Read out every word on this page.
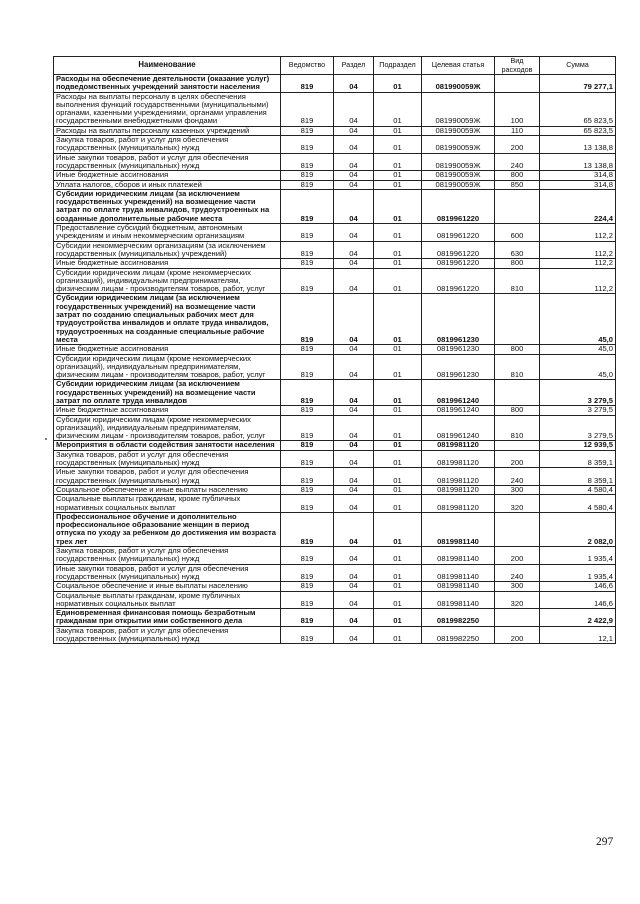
Наименование	Ведомство	Раздел	Подраздел	Целевая статья	Вид расходов	Сумма
Расходы на обеспечение деятельности (оказание услуг) подведомственных учреждений занятости населения	819	04	01	081990059Ж		79 277,1
Расходы на выплаты персоналу в целях обеспечения выполнения функций государственными (муниципальными) органами, казенными учреждениями, органами управления государственными внебюджетными фондами	819	04	01	081990059Ж	100	65 823,5
Расходы на выплаты персоналу казенных учреждений	819	04	01	081990059Ж	110	65 823,5
Закупка товаров, работ и услуг для обеспечения государственных (муниципальных) нужд	819	04	01	081990059Ж	200	13 138,8
Иные закупки товаров, работ и услуг для обеспечения государственных (муниципальных) нужд	819	04	01	081990059Ж	240	13 138,8
Иные бюджетные ассигнования	819	04	01	081990059Ж	800	314,8
Уплата налогов, сборов и иных платежей	819	04	01	081990059Ж	850	314,8
Субсидии юридическим лицам (за исключением государственных учреждений) на возмещение части затрат по оплате труда инвалидов, трудоустроенных на созданные дополнительные рабочие места	819	04	01	0819961220		224,4
Предоставление субсидий бюджетным, автономным учреждениям и иным некоммерческим организациям	819	04	01	0819961220	600	112,2
Субсидии некоммерческим организациям (за исключением государственных (муниципальных) учреждений)	819	04	01	0819961220	630	112,2
Иные бюджетные ассигнования	819	04	01	0819961220	800	112,2
Субсидии юридическим лицам (кроме некоммерческих организаций), индивидуальным предпринимателям, физическим лицам - производителям товаров, работ, услуг	819	04	01	0819961220	810	112,2
Субсидии юридическим лицам (за исключением государственных учреждений) на возмещение части затрат по созданию специальных рабочих мест для трудоустройства инвалидов и оплате труда инвалидов, трудоустроенных на созданные специальные рабочие места	819	04	01	0819961230		45,0
Иные бюджетные ассигнования	819	04	01	0819961230	800	45,0
Субсидии юридическим лицам (кроме некоммерческих организаций), индивидуальным предпринимателям, физическим лицам - производителям товаров, работ, услуг	819	04	01	0819961230	810	45,0
Субсидии юридическим лицам (за исключением государственных учреждений) на возмещение части затрат по оплате труда инвалидов	819	04	01	0819961240		3 279,5
Иные бюджетные ассигнования	819	04	01	0819961240	800	3 279,5
Субсидии юридическим лицам (кроме некоммерческих организаций), индивидуальным предпринимателям, физическим лицам - производителям товаров, работ, услуг	819	04	01	0819961240	810	3 279,5
Мероприятия в области содействия занятости населения	819	04	01	0819981120		12 939,5
Закупка товаров, работ и услуг для обеспечения государственных (муниципальных) нужд	819	04	01	0819981120	200	8 359,1
Иные закупки товаров, работ и услуг для обеспечения государственных (муниципальных) нужд	819	04	01	0819981120	240	8 359,1
Социальное обеспечение и иные выплаты населению	819	04	01	0819981120	300	4 580,4
Социальные выплаты гражданам, кроме публичных нормативных социальных выплат	819	04	01	0819981120	320	4 580,4
Профессиональное обучение и дополнительно профессиональное образование женщин в период отпуска по уходу за ребенком до достижения им возраста трех лет	819	04	01	0819981140		2 082,0
Закупка товаров, работ и услуг для обеспечения государственных (муниципальных) нужд	819	04	01	0819981140	200	1 935,4
Иные закупки товаров, работ и услуг для обеспечения государственных (муниципальных) нужд	819	04	01	0819981140	240	1 935,4
Социальное обеспечение и иные выплаты населению	819	04	01	0819981140	300	146,6
Социальные выплаты гражданам, кроме публичных нормативных социальных выплат	819	04	01	0819981140	320	146,6
Единовременная финансовая помощь безработным гражданам при открытии ими собственного дела	819	04	01	0819982250		2 422,9
Закупка товаров, работ и услуг для обеспечения государственных (муниципальных) нужд	819	04	01	0819982250	200	12,1
297
